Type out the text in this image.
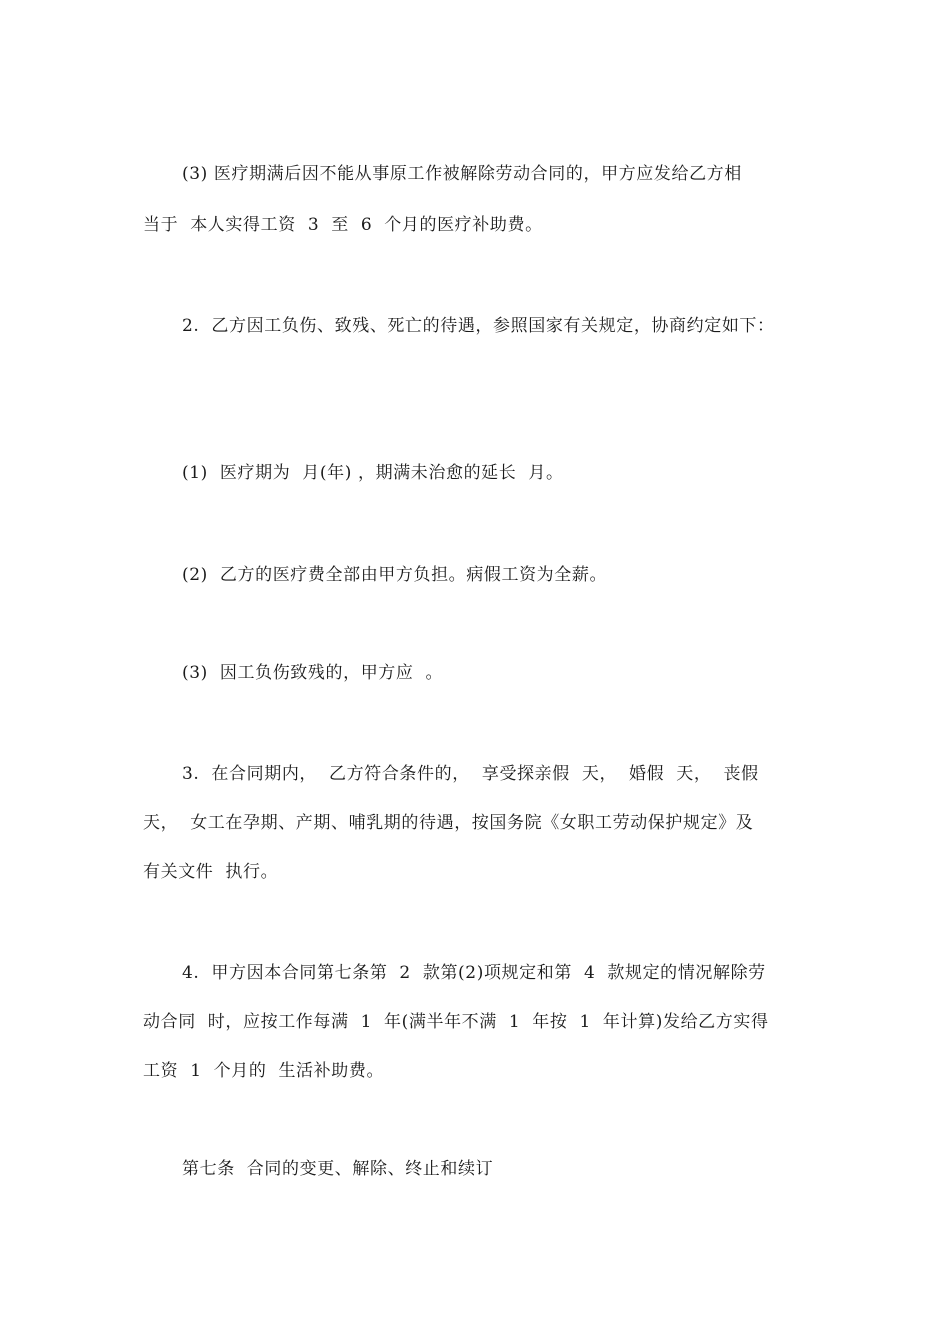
(3) 医疗期满后因不能从事原工作被解除劳动合同的，甲方应发给乙方相
当于  本人实得工资  3  至  6  个月的医疗补助费。
2.  乙方因工负伤、致残、死亡的待遇，参照国家有关规定，协商约定如下：
(1)  医疗期为  月(年) ，期满未治愈的延长  月。
(2)  乙方的医疗费全部由甲方负担。病假工资为全薪。
(3)  因工负伤致残的，甲方应  。
3.  在合同期内，  乙方符合条件的，  享受探亲假  天，  婚假  天，  丧假
天，  女工在孕期、产期、哺乳期的待遇，按国务院《女职工劳动保护规定》及
有关文件  执行。
4.  甲方因本合同第七条第  2  款第(2)项规定和第  4  款规定的情况解除劳
动合同  时，应按工作每满  1  年(满半年不满  1  年按  1  年计算)发给乙方实得
工资  1  个月的  生活补助费。
第七条  合同的变更、解除、终止和续订
